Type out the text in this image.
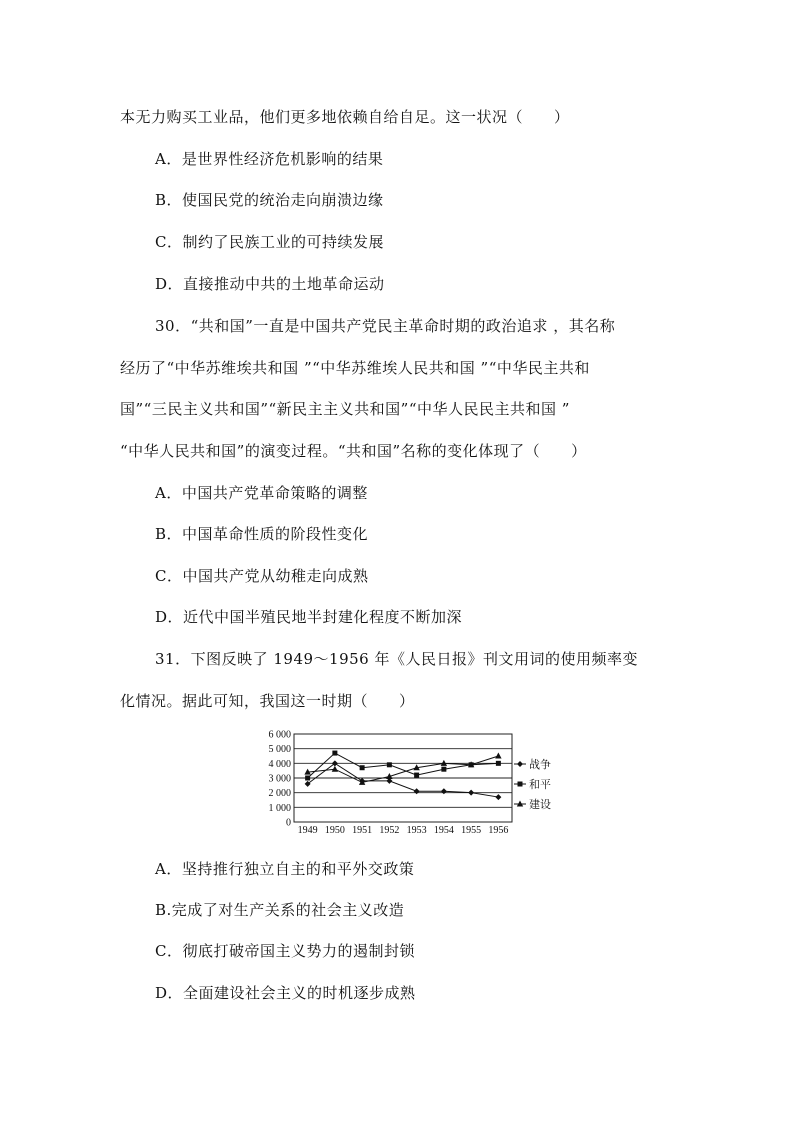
本无力购买工业品，他们更多地依赖自给自足。这一状况（　　）
A．是世界性经济危机影响的结果
B．使国民党的统治走向崩溃边缘
C．制约了民族工业的可持续发展
D．直接推动中共的土地革命运动
30．“共和国”一直是中国共产党民主革命时期的政治追求 ，其名称
经历了“中华苏维埃共和国 ”“中华苏维埃人民共和国 ”“中华民主共和
国”“三民主义共和国”“新民主主义共和国”“中华人民民主共和国 ”
“中华人民共和国”的演变过程。“共和国”名称的变化体现了（　　）
A．中国共产党革命策略的调整
B．中国革命性质的阶段性变化
C．中国共产党从幼稚走向成熟
D．近代中国半殖民地半封建化程度不断加深
31．下图反映了 1949～1956 年《人民日报》刊文用词的使用频率变
化情况。据此可知，我国这一时期（　　）
0
1 000
2 000
3 000
4 000
5 000
6 000
1949 1950 1951 1952 1953 1954 1955 1956
战争
和平
建设
A．坚持推行独立自主的和平外交政策
B.完成了对生产关系的社会主义改造
C．彻底打破帝国主义势力的遏制封锁
D．全面建设社会主义的时机逐步成熟
